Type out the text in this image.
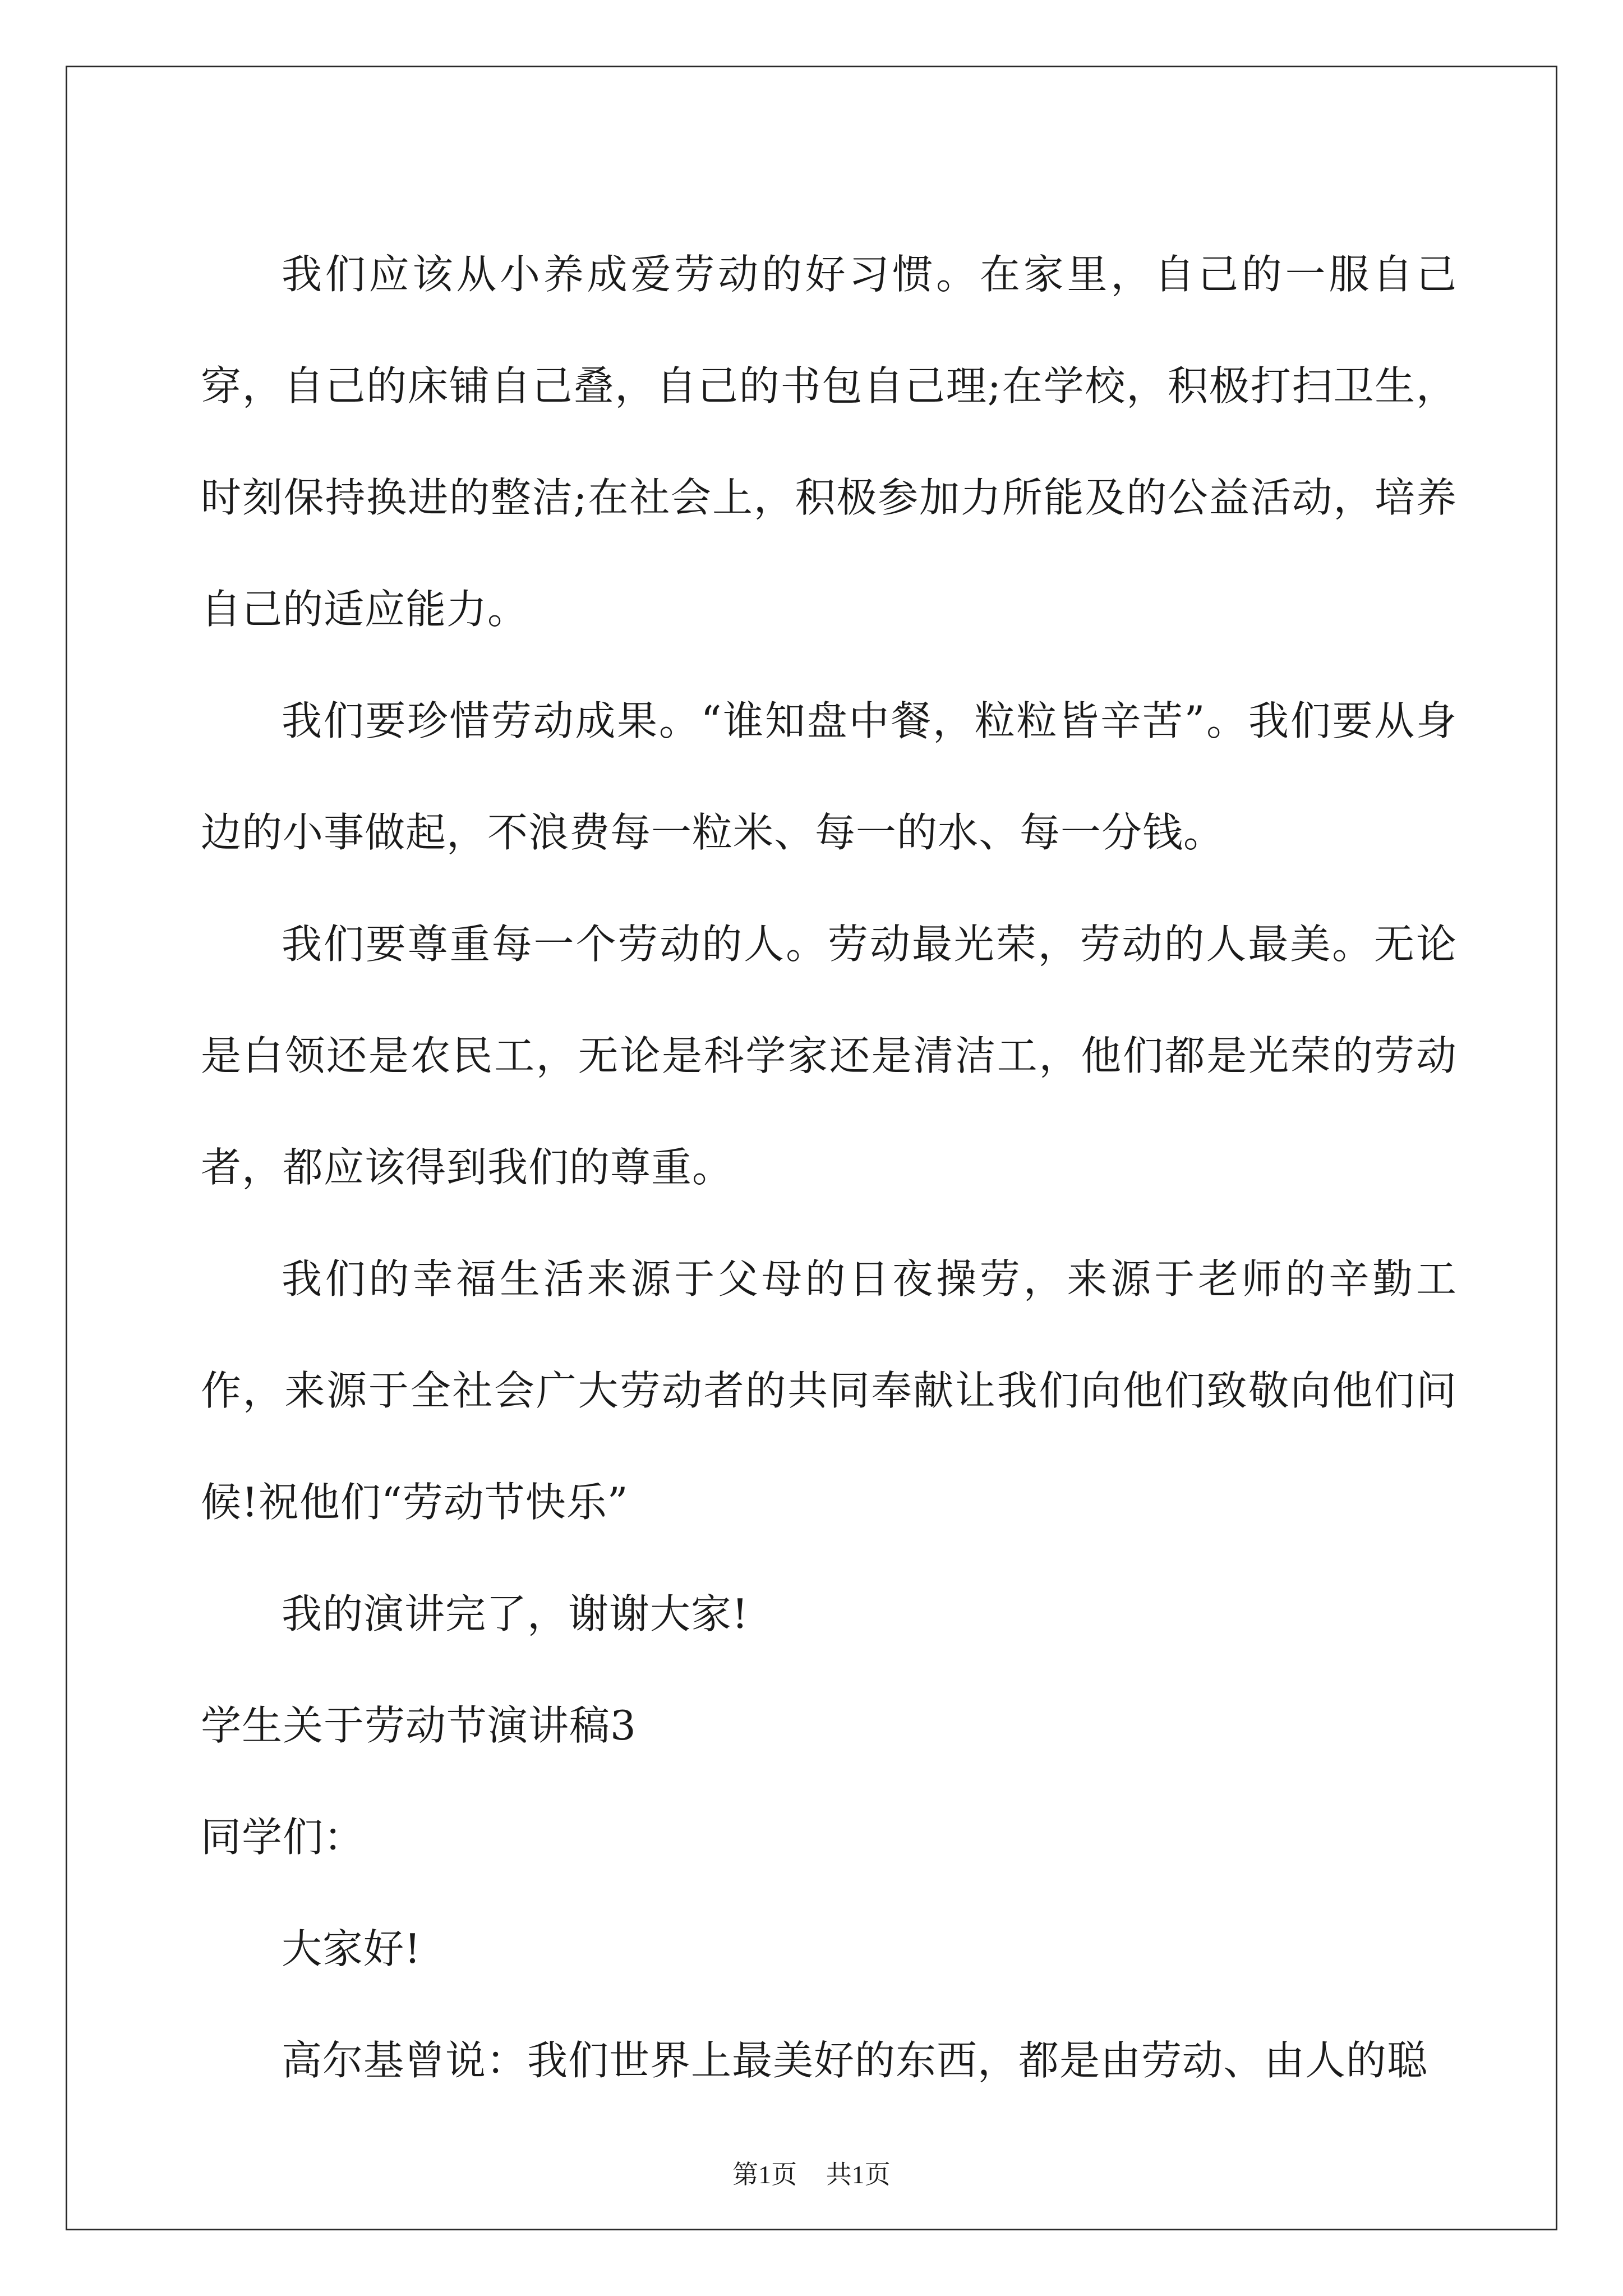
我们应该从小养成爱劳动的好习惯。在家里，自己的一服自己穿，自己的床铺自己叠，自己的书包自己理;在学校，积极打扫卫生，时刻保持换进的整洁;在社会上，积极参加力所能及的公益活动，培养自己的适应能力。

我们要珍惜劳动成果。“谁知盘中餐，粒粒皆辛苦”。我们要从身边的小事做起，不浪费每一粒米、每一的水、每一分钱。

我们要尊重每一个劳动的人。劳动最光荣，劳动的人最美。无论是白领还是农民工，无论是科学家还是清洁工，他们都是光荣的劳动者，都应该得到我们的尊重。

我们的幸福生活来源于父母的日夜操劳，来源于老师的辛勤工作，来源于全社会广大劳动者的共同奉献让我们向他们致敬向他们问候!祝他们“劳动节快乐”

我的演讲完了，谢谢大家!

学生关于劳动节演讲稿3

同学们：

大家好!

高尔基曾说：我们世界上最美好的东西，都是由劳动、由人的聪

第1页 共1页
